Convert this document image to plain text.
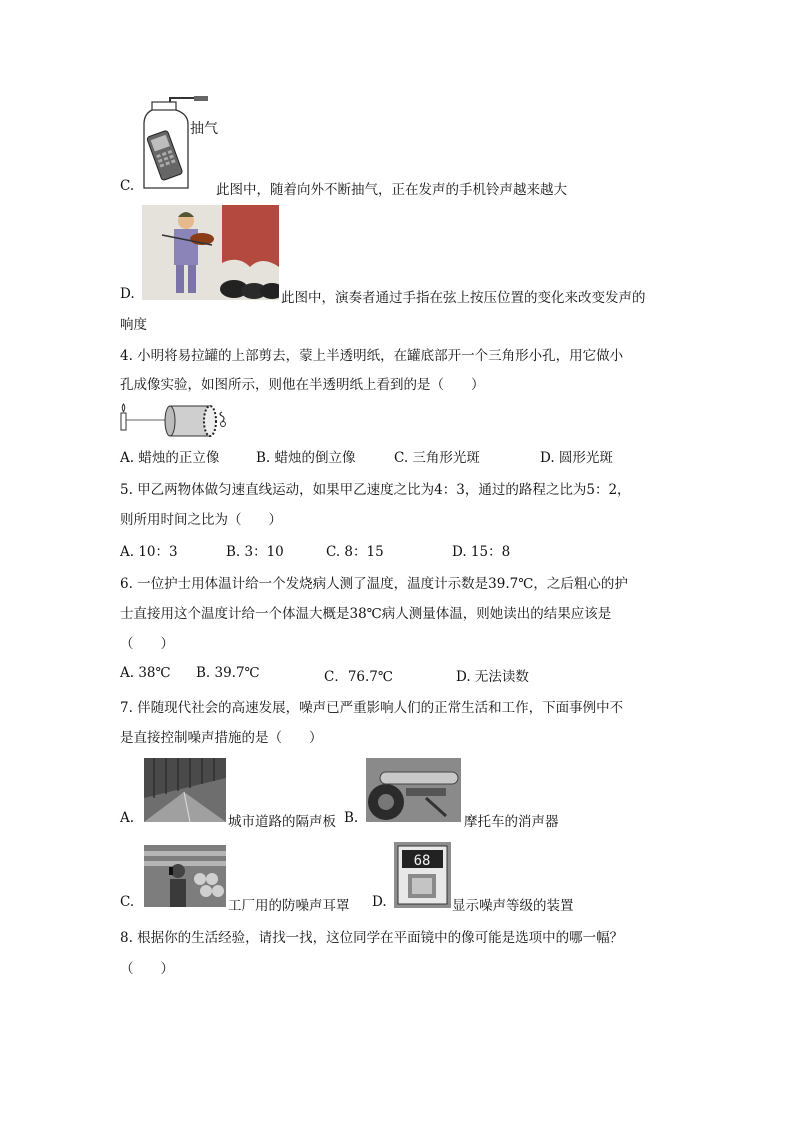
抽气
C.	此图中，随着向外不断抽气，正在发声的手机铃声越来越大
D.	此图中，演奏者通过手指在弦上按压位置的变化来改变发声的
响度
4. 小明将易拉罐的上部剪去，蒙上半透明纸，在罐底部开一个三角形小孔，用它做小
孔成像实验，如图所示，则他在半透明纸上看到的是（　　）
A. 蜡烛的正立像	B. 蜡烛的倒立像	C. 三角形光斑	D. 圆形光斑
5. 甲乙两物体做匀速直线运动，如果甲乙速度之比为4：3，通过的路程之比为5：2，
则所用时间之比为（　　）
A. 10：3	B. 3：10	C. 8：15	D. 15：8
6. 一位护士用体温计给一个发烧病人测了温度，温度计示数是39.7℃，之后粗心的护
士直接用这个温度计给一个体温大概是38℃病人测量体温，则她读出的结果应该是
（　　）
A. 38℃ B. 39.7℃	C．76.7℃	D. 无法读数
7. 伴随现代社会的高速发展，噪声已严重影响人们的正常生活和工作，下面事例中不
是直接控制噪声措施的是（　　）
A.	城市道路的隔声板 B.	摩托车的消声器
C.	工厂用的防噪声耳罩
68
D.	显示噪声等级的装置
8. 根据你的生活经验，请找一找，这位同学在平面镜中的像可能是选项中的哪一幅？
（　　）
